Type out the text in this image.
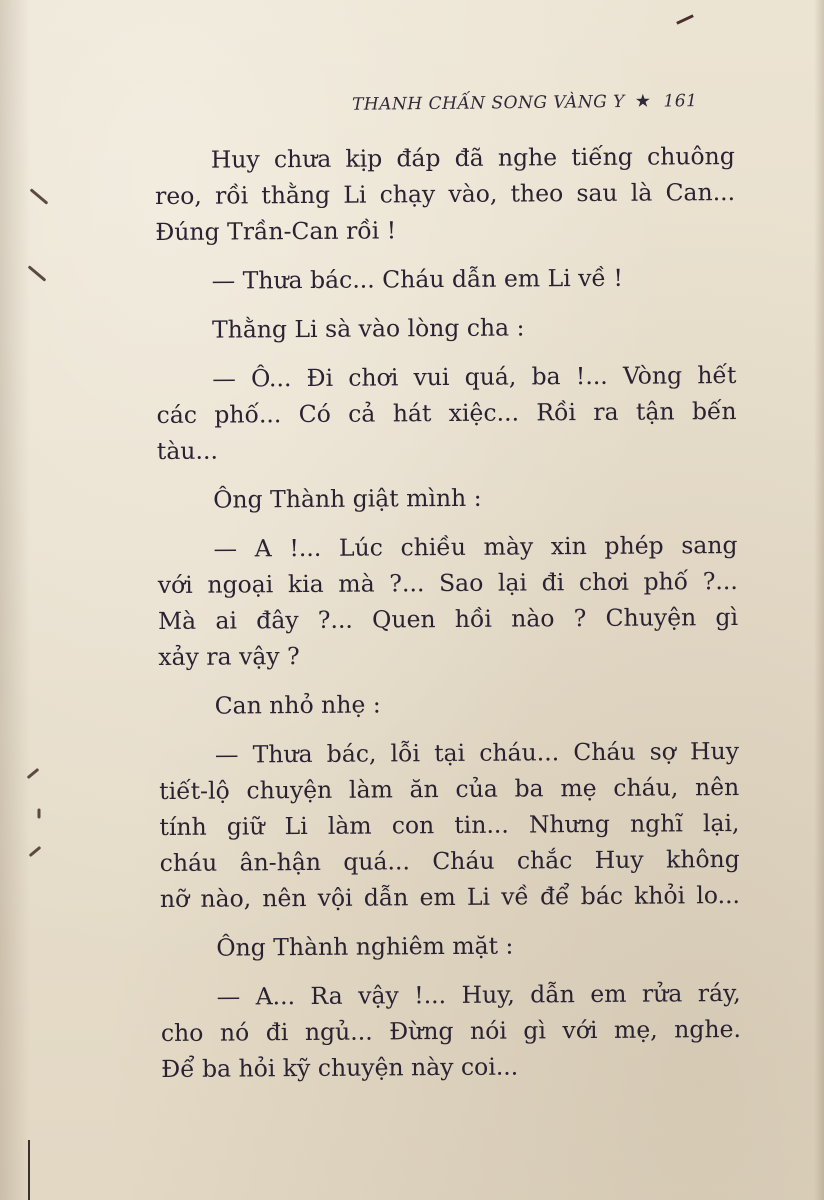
THANH CHẤN SONG VÀNG Y ★ 161
Huy chưa kịp đáp đã nghe tiếng chuông
reo, rồi thằng Li chạy vào, theo sau là Can...
Đúng Trần-Can rồi !
— Thưa bác... Cháu dẫn em Li về !
Thằng Li sà vào lòng cha :
— Ô... Đi chơi vui quá, ba !... Vòng hết
các phố... Có cả hát xiệc... Rồi ra tận bến
tàu...
Ông Thành giật mình :
— A !... Lúc chiều mày xin phép sang
với ngoại kia mà ?... Sao lại đi chơi phố ?...
Mà ai đây ?... Quen hồi nào ? Chuyện gì
xảy ra vậy ?
Can nhỏ nhẹ :
— Thưa bác, lỗi tại cháu... Cháu sợ Huy
tiết-lộ chuyện làm ăn của ba mẹ cháu, nên
tính giữ Li làm con tin... Nhưng nghĩ lại,
cháu ân-hận quá... Cháu chắc Huy không
nỡ nào, nên vội dẫn em Li về để bác khỏi lo...
Ông Thành nghiêm mặt :
— A... Ra vậy !... Huy, dẫn em rửa ráy,
cho nó đi ngủ... Đừng nói gì với mẹ, nghe.
Để ba hỏi kỹ chuyện này coi...
